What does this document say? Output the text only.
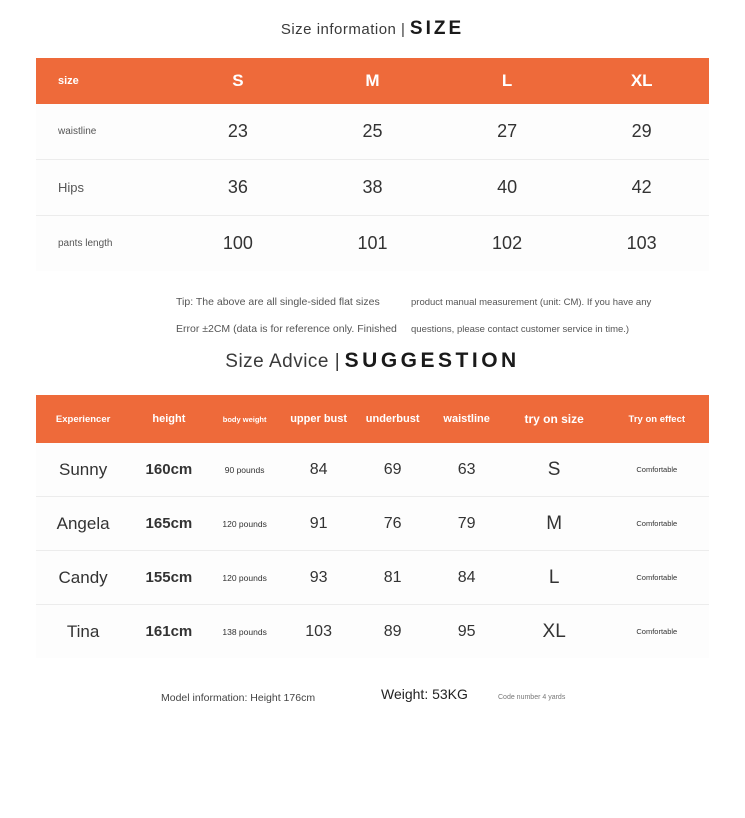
Size information | SIZE
size	S	M	L	XL
waistline	23	25	27	29
Hips	36	38	40	42
pants length	100	101	102	103
Tip: The above are all single-sided flat sizes
Error ±2CM (data is for reference only. Finished
product manual measurement (unit: CM). If you have any
questions, please contact customer service in time.)
Size Advice | SUGGESTION
Experiencer	height	body weight	upper bust	underbust	waistline	try on size	Try on effect
Sunny	160cm	90 pounds	84	69	63	S	Comfortable
Angela	165cm	120 pounds	91	76	79	M	Comfortable
Candy	155cm	120 pounds	93	81	84	L	Comfortable
Tina	161cm	138 pounds	103	89	95	XL	Comfortable
Model information: Height 176cm	Weight: 53KG	Code number 4 yards
